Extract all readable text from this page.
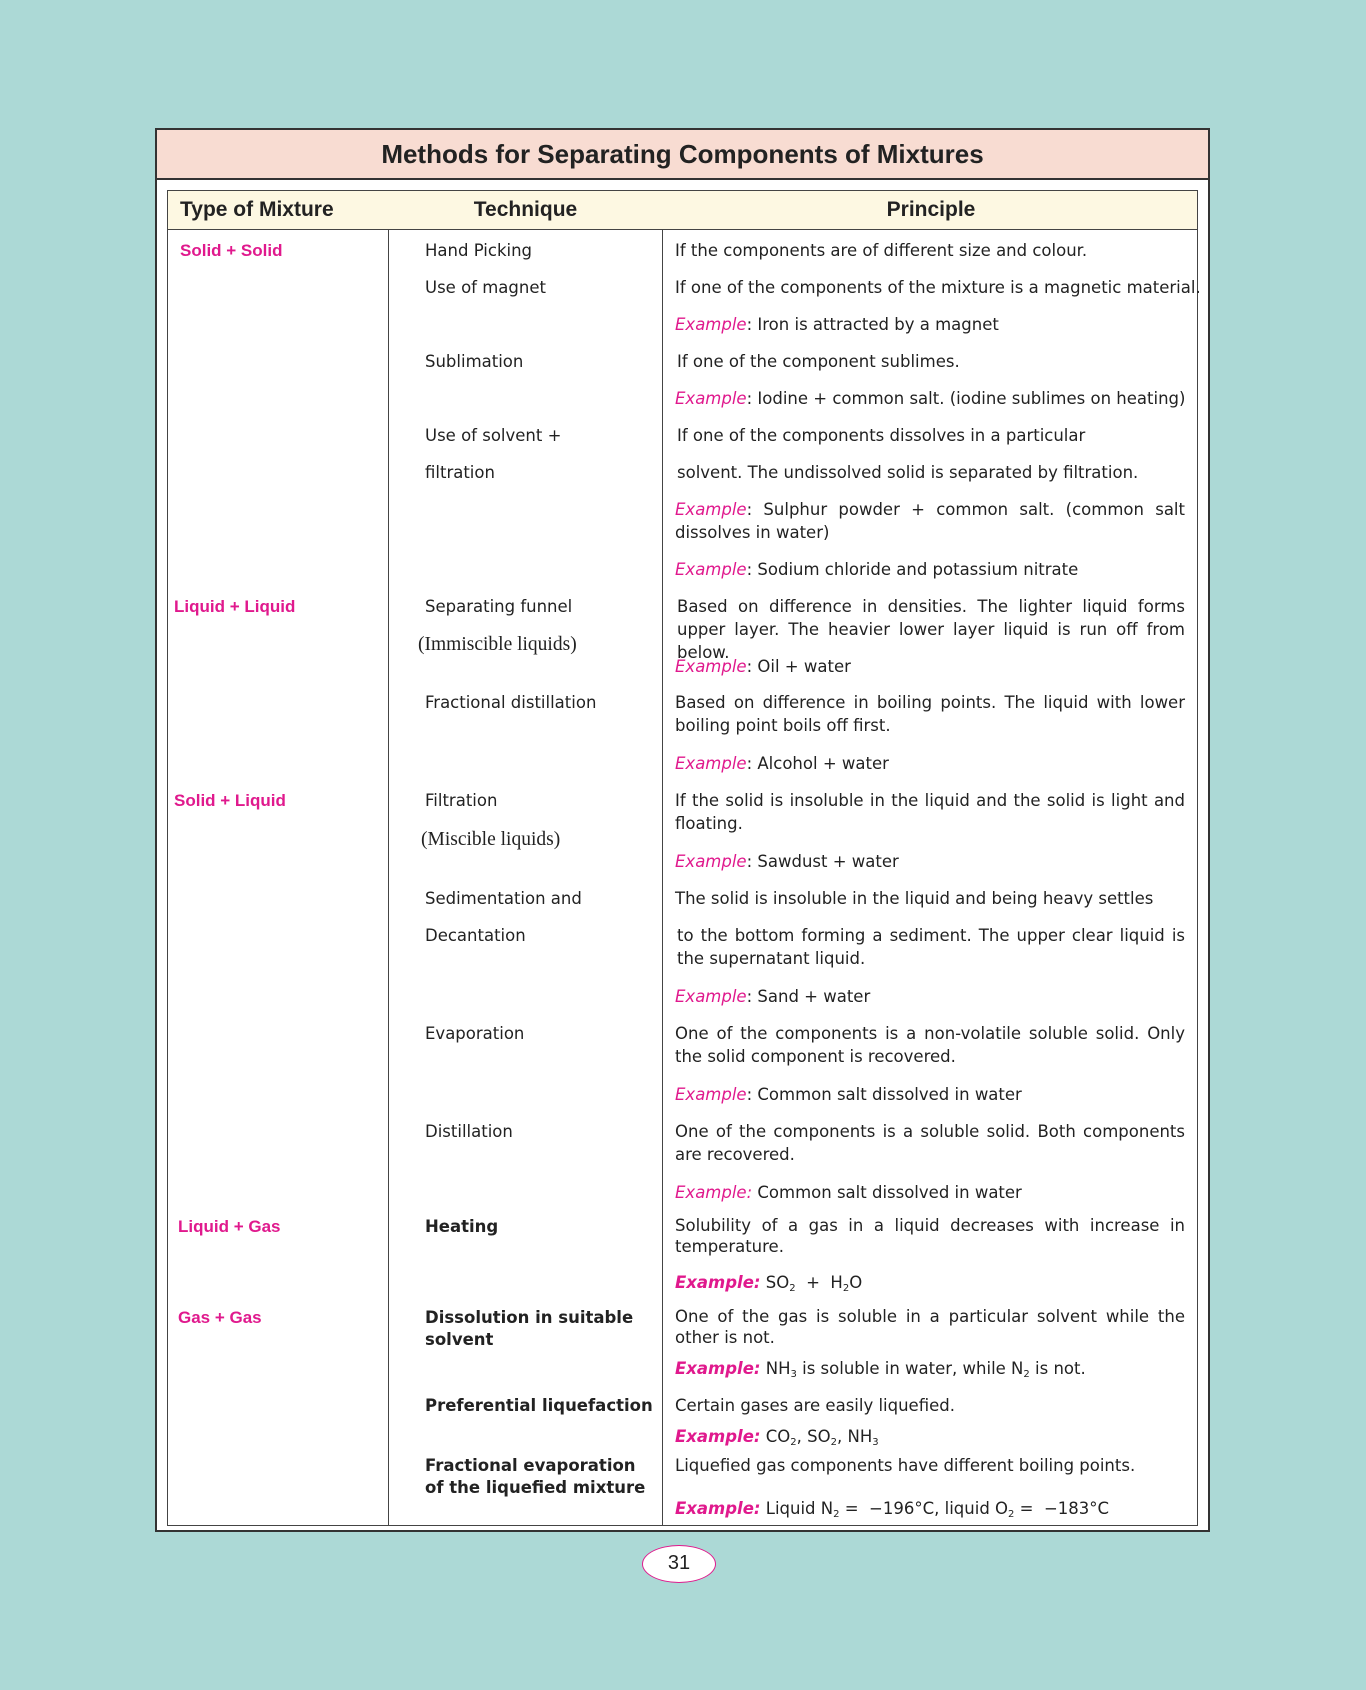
Methods for Separating Components of Mixtures
Type of Mixture	Technique	Principle
Solid + Solid
Liquid + Liquid
Solid + Liquid
Liquid + Gas
Gas + Gas
Hand Picking
Use of magnet
Sublimation
Use of solvent +
filtration
Separating funnel
(Immiscible liquids)
Fractional distillation
Filtration
(Miscible liquids)
Sedimentation and
Decantation
Evaporation
Distillation
Heating
Dissolution in suitable
solvent
Preferential liquefaction
Fractional evaporation
of the liquefied mixture
If the components are of different size and colour.
If one of the components of the mixture is a magnetic material.
Example: Iron is attracted by a magnet
If one of the component sublimes.
Example: Iodine + common salt. (iodine sublimes on heating)
If one of the components dissolves in a particular
solvent. The undissolved solid is separated by filtration.
Example: Sulphur powder + common salt. (common salt dissolves in water)
Example: Sodium chloride and potassium nitrate
Based on difference in densities. The lighter liquid forms upper layer. The heavier lower layer liquid is run off from below.
Example: Oil + water
Based on difference in boiling points. The liquid with lower boiling point boils off first.
Example: Alcohol + water
If the solid is insoluble in the liquid and the solid is light and floating.
Example: Sawdust + water
The solid is insoluble in the liquid and being heavy settles
to the bottom forming a sediment. The upper clear liquid is the supernatant liquid.
Example: Sand + water
One of the components is a non-volatile soluble solid. Only the solid component is recovered.
Example: Common salt dissolved in water
One of the components is a soluble solid. Both components are recovered.
Example: Common salt dissolved in water
Solubility of a gas in a liquid decreases with increase in temperature.
Example: $SO_2 + H_2O$
One of the gas is soluble in a particular solvent while the other is not.
Example: $NH_3$ is soluble in water, while $N_2$ is not.
Certain gases are easily liquefied.
Example: $CO_2$, $SO_2$, $NH_3$
Liquefied gas components have different boiling points.
Example: Liquid $N_2 = -196^\circ C$, liquid $O_2 = -183^\circ C$
31
